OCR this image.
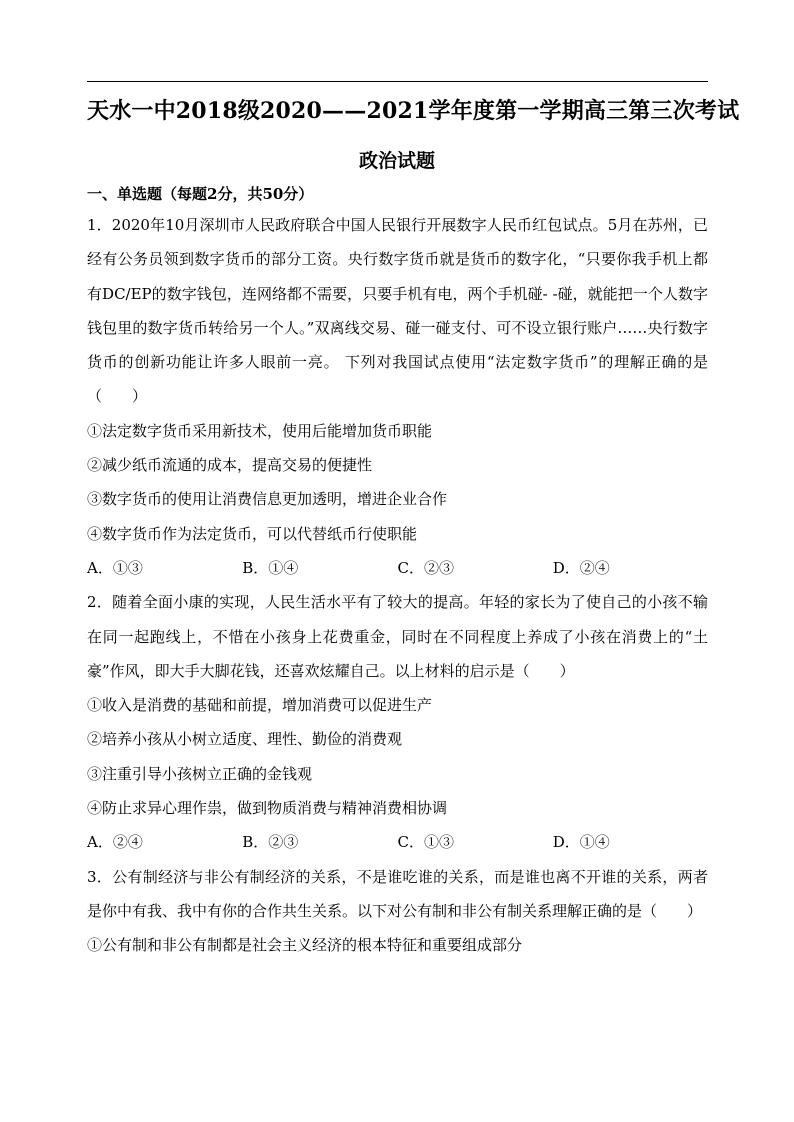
天水一中2018级2020——2021学年度第一学期高三第三次考试
政治试题
一、单选题（每题2分，共50分）

1．2020年10月深圳市人民政府联合中国人民银行开展数字人民币红包试点。5月在苏州，已经有公务员领到数字货币的部分工资。央行数字货币就是货币的数字化，“只要你我手机上都有DC/EP的数字钱包，连网络都不需要，只要手机有电，两个手机碰- -碰，就能把一个人数字钱包里的数字货币转给另一个人。”双离线交易、碰一碰支付、可不设立银行账户……央行数字货币的创新功能让许多人眼前一亮。 下列对我国试点使用“法定数字货币”的理解正确的是（　　）

①法定数字货币采用新技术，使用后能增加货币职能

②减少纸币流通的成本，提高交易的便捷性

③数字货币的使用让消费信息更加透明，增进企业合作

④数字货币作为法定货币，可以代替纸币行使职能

A．①③	B．①④	C．②③	D．②④

2．随着全面小康的实现，人民生活水平有了较大的提高。年轻的家长为了使自己的小孩不输在同一起跑线上，不惜在小孩身上花费重金，同时在不同程度上养成了小孩在消费上的“土豪”作风，即大手大脚花钱，还喜欢炫耀自己。以上材料的启示是（　　）

①收入是消费的基础和前提，增加消费可以促进生产

②培养小孩从小树立适度、理性、勤俭的消费观

③注重引导小孩树立正确的金钱观

④防止求异心理作祟，做到物质消费与精神消费相协调

A．②④	B．②③	C．①③	D．①④

3．公有制经济与非公有制经济的关系，不是谁吃谁的关系，而是谁也离不开谁的关系，两者是你中有我、我中有你的合作共生关系。以下对公有制和非公有制关系理解正确的是（　　）

①公有制和非公有制都是社会主义经济的根本特征和重要组成部分
